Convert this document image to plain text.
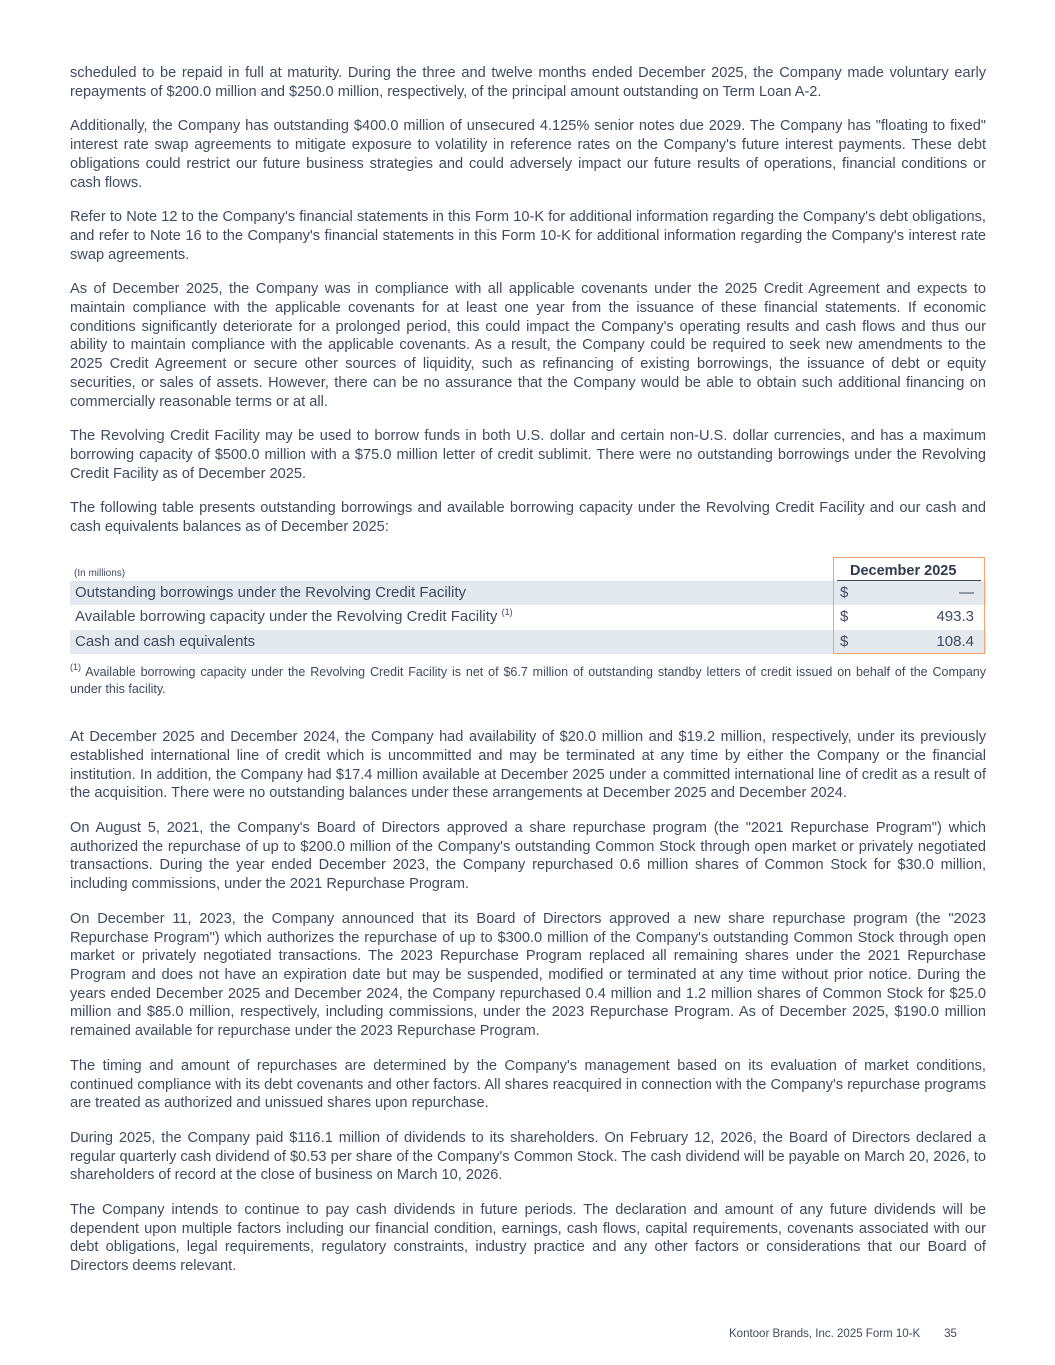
scheduled to be repaid in full at maturity. During the three and twelve months ended December 2025, the Company made voluntary early repayments of $200.0 million and $250.0 million, respectively, of the principal amount outstanding on Term Loan A-2.

Additionally, the Company has outstanding $400.0 million of unsecured 4.125% senior notes due 2029. The Company has "floating to fixed" interest rate swap agreements to mitigate exposure to volatility in reference rates on the Company's future interest payments. These debt obligations could restrict our future business strategies and could adversely impact our future results of operations, financial conditions or cash flows.

Refer to Note 12 to the Company's financial statements in this Form 10-K for additional information regarding the Company's debt obligations, and refer to Note 16 to the Company's financial statements in this Form 10-K for additional information regarding the Company's interest rate swap agreements.

As of December 2025, the Company was in compliance with all applicable covenants under the 2025 Credit Agreement and expects to maintain compliance with the applicable covenants for at least one year from the issuance of these financial statements. If economic conditions significantly deteriorate for a prolonged period, this could impact the Company's operating results and cash flows and thus our ability to maintain compliance with the applicable covenants. As a result, the Company could be required to seek new amendments to the 2025 Credit Agreement or secure other sources of liquidity, such as refinancing of existing borrowings, the issuance of debt or equity securities, or sales of assets. However, there can be no assurance that the Company would be able to obtain such additional financing on commercially reasonable terms or at all.

The Revolving Credit Facility may be used to borrow funds in both U.S. dollar and certain non-U.S. dollar currencies, and has a maximum borrowing capacity of $500.0 million with a $75.0 million letter of credit sublimit. There were no outstanding borrowings under the Revolving Credit Facility as of December 2025.

The following table presents outstanding borrowings and available borrowing capacity under the Revolving Credit Facility and our cash and cash equivalents balances as of December 2025:

(In millions)	December 2025
Outstanding borrowings under the Revolving Credit Facility	$	—
Available borrowing capacity under the Revolving Credit Facility $^{(1)}$	$	493.3
Cash and cash equivalents	$	108.4

$^{(1)}$ Available borrowing capacity under the Revolving Credit Facility is net of $6.7 million of outstanding standby letters of credit issued on behalf of the Company under this facility.

At December 2025 and December 2024, the Company had availability of $20.0 million and $19.2 million, respectively, under its previously established international line of credit which is uncommitted and may be terminated at any time by either the Company or the financial institution. In addition, the Company had $17.4 million available at December 2025 under a committed international line of credit as a result of the acquisition. There were no outstanding balances under these arrangements at December 2025 and December 2024.

On August 5, 2021, the Company's Board of Directors approved a share repurchase program (the "2021 Repurchase Program") which authorized the repurchase of up to $200.0 million of the Company's outstanding Common Stock through open market or privately negotiated transactions. During the year ended December 2023, the Company repurchased 0.6 million shares of Common Stock for $30.0 million, including commissions, under the 2021 Repurchase Program.

On December 11, 2023, the Company announced that its Board of Directors approved a new share repurchase program (the "2023 Repurchase Program") which authorizes the repurchase of up to $300.0 million of the Company's outstanding Common Stock through open market or privately negotiated transactions. The 2023 Repurchase Program replaced all remaining shares under the 2021 Repurchase Program and does not have an expiration date but may be suspended, modified or terminated at any time without prior notice. During the years ended December 2025 and December 2024, the Company repurchased 0.4 million and 1.2 million shares of Common Stock for $25.0 million and $85.0 million, respectively, including commissions, under the 2023 Repurchase Program. As of December 2025, $190.0 million remained available for repurchase under the 2023 Repurchase Program.

The timing and amount of repurchases are determined by the Company's management based on its evaluation of market conditions, continued compliance with its debt covenants and other factors. All shares reacquired in connection with the Company's repurchase programs are treated as authorized and unissued shares upon repurchase.

During 2025, the Company paid $116.1 million of dividends to its shareholders. On February 12, 2026, the Board of Directors declared a regular quarterly cash dividend of $0.53 per share of the Company's Common Stock. The cash dividend will be payable on March 20, 2026, to shareholders of record at the close of business on March 10, 2026.

The Company intends to continue to pay cash dividends in future periods. The declaration and amount of any future dividends will be dependent upon multiple factors including our financial condition, earnings, cash flows, capital requirements, covenants associated with our debt obligations, legal requirements, regulatory constraints, industry practice and any other factors or considerations that our Board of Directors deems relevant.

Kontoor Brands, Inc. 2025 Form 10-K 35
